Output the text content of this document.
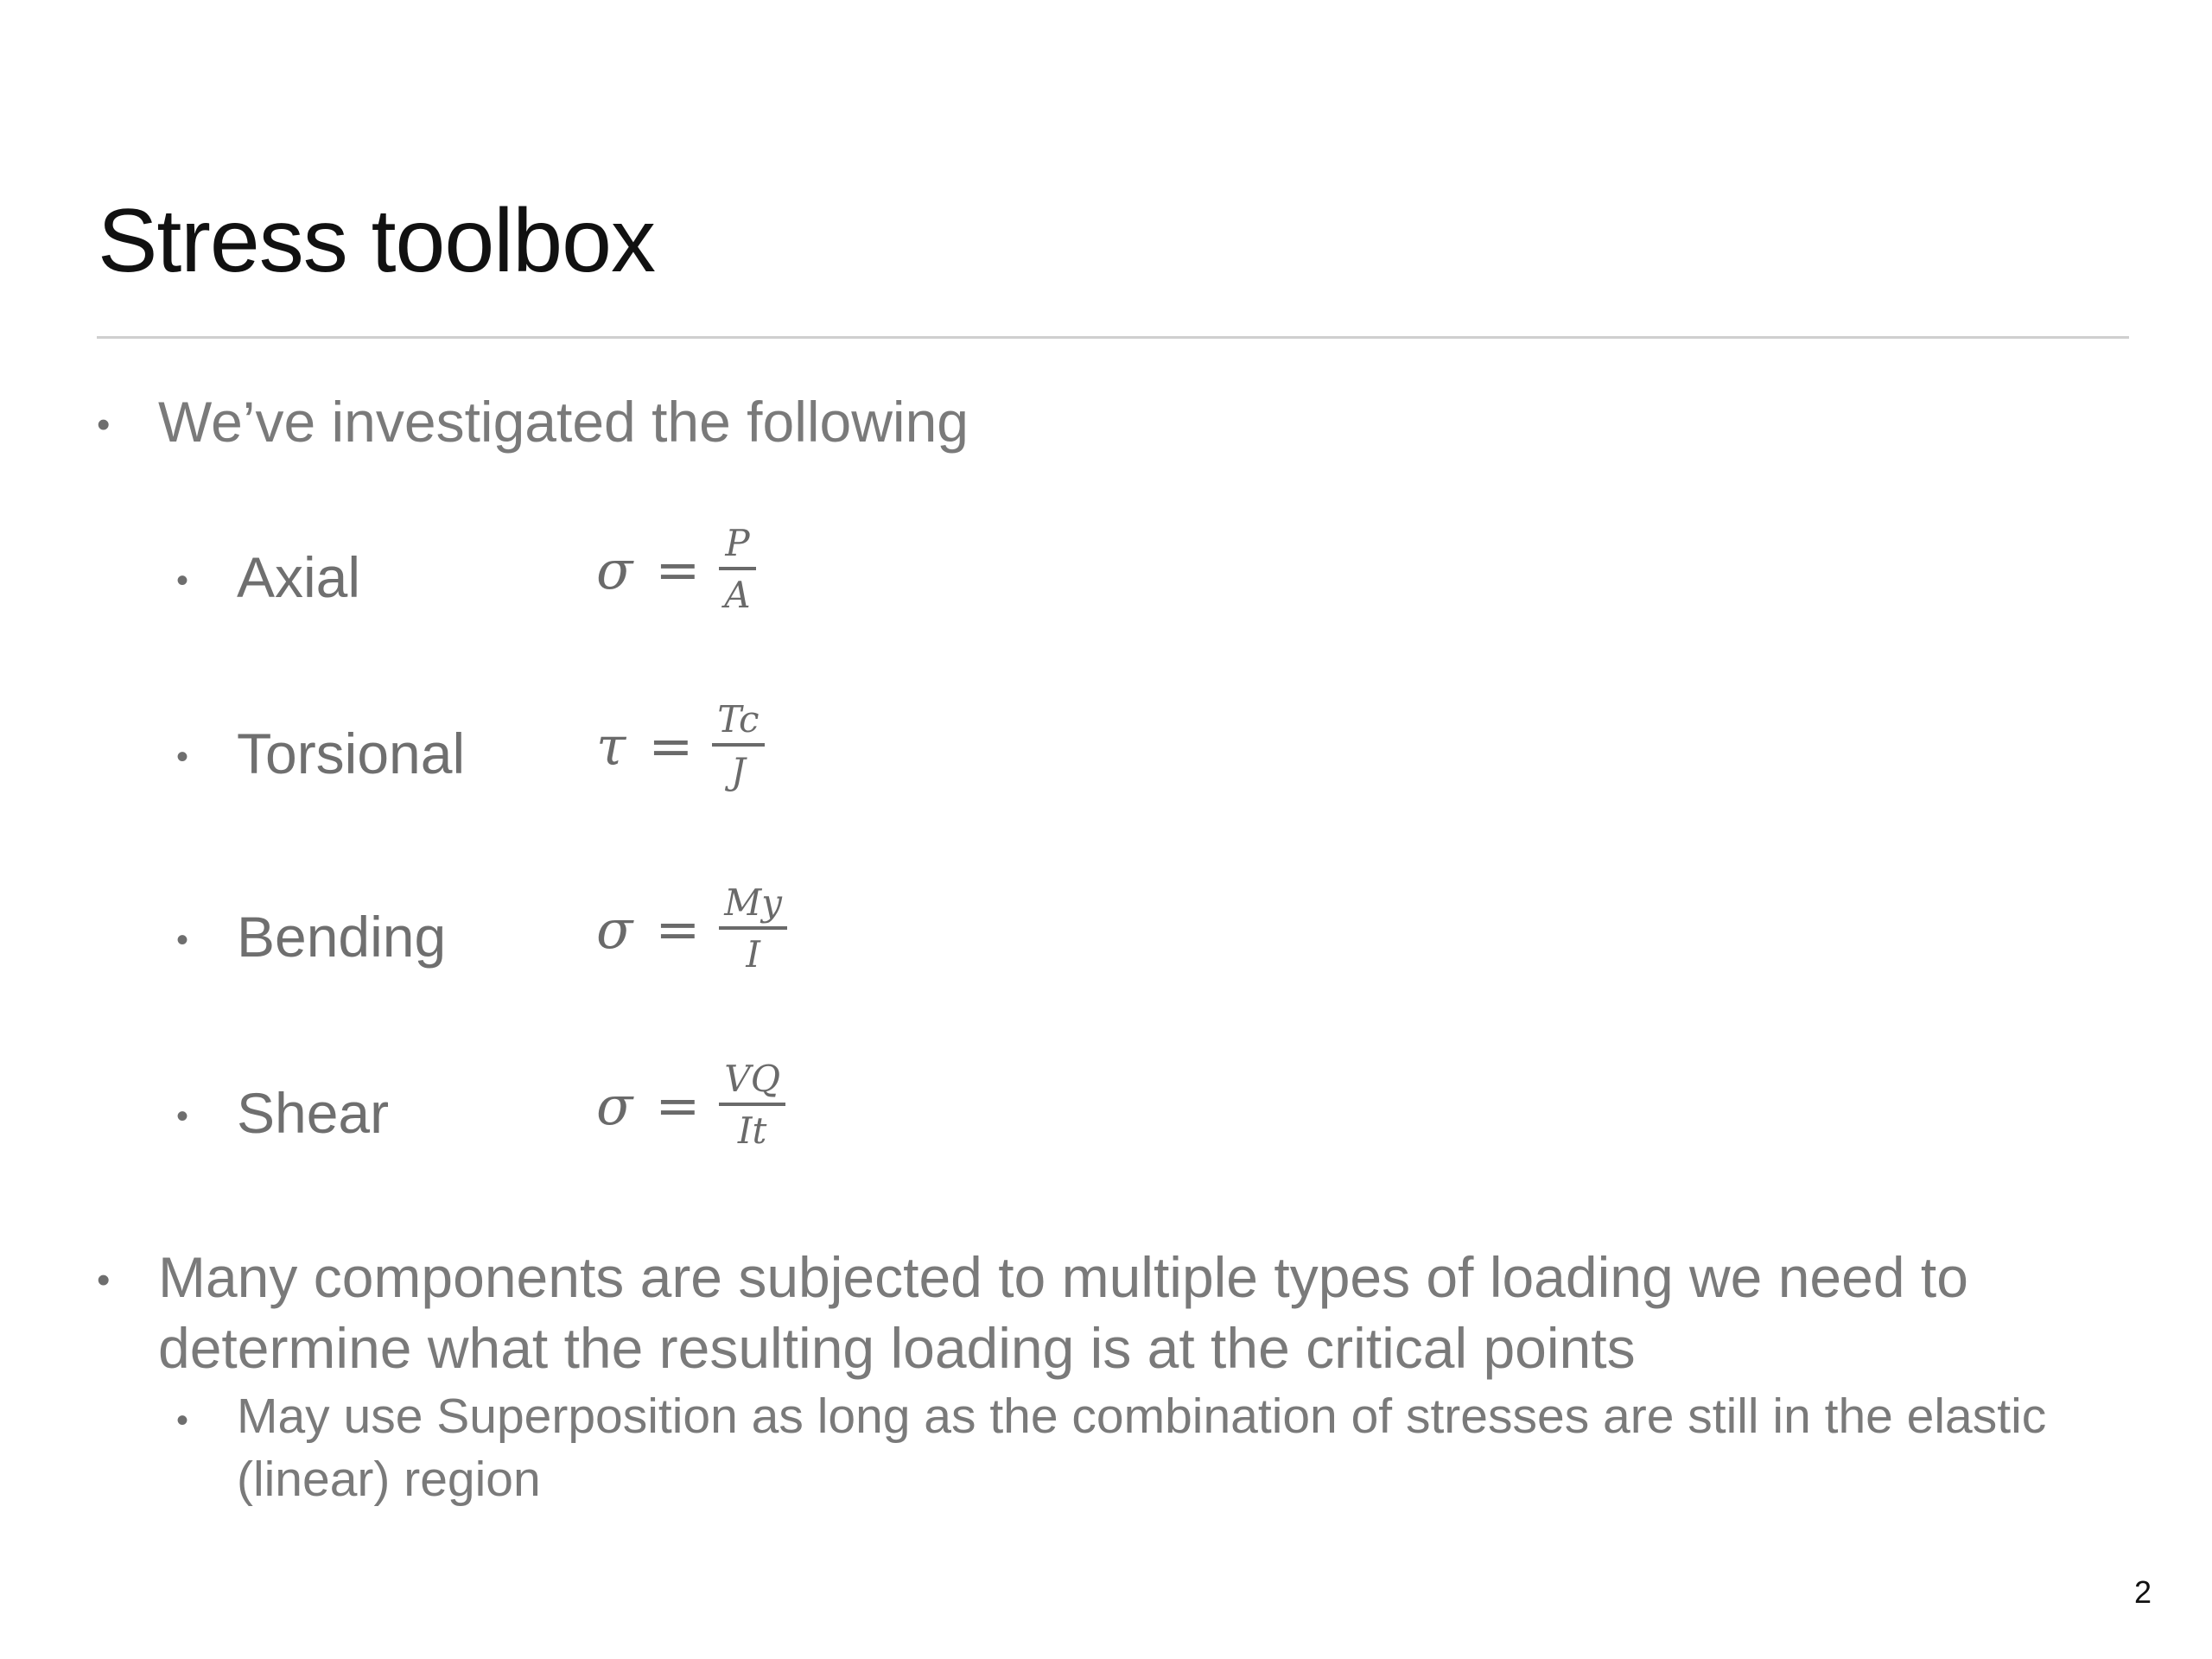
Stress toolbox
• We’ve investigated the following
• Axial	$\sigma = \frac{P}{A}$
• Torsional $\tau = \frac{Tc}{J}$
• Bending	$\sigma = \frac{My}{I}$
• Shear	$\sigma = \frac{VQ}{It}$
• Many components are subjected to multiple types of loading we need to
determine what the resulting loading is at the critical points
• May use Superposition as long as the combination of stresses are still in the elastic
(linear) region
2
